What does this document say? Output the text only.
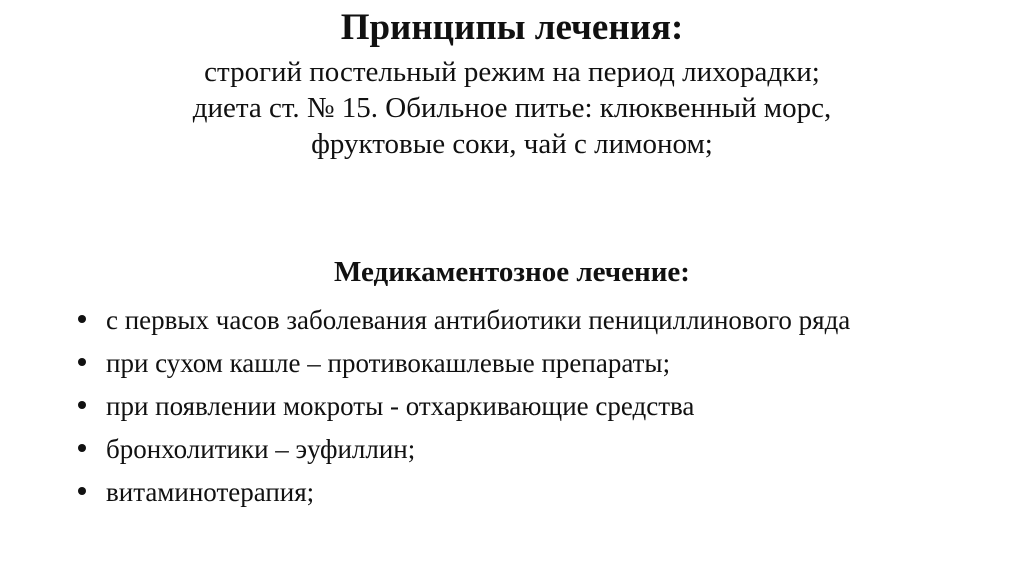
Принципы лечения:
строгий постельный режим на период лихорадки;
диета ст. № 15. Обильное питье: клюквенный морс,
фруктовые соки, чай с лимоном;
Медикаментозное лечение:
с первых часов заболевания антибиотики пенициллинового ряда
при сухом кашле – противокашлевые препараты;
при появлении мокроты - отхаркивающие средства
бронхолитики – эуфиллин;
витаминотерапия;
